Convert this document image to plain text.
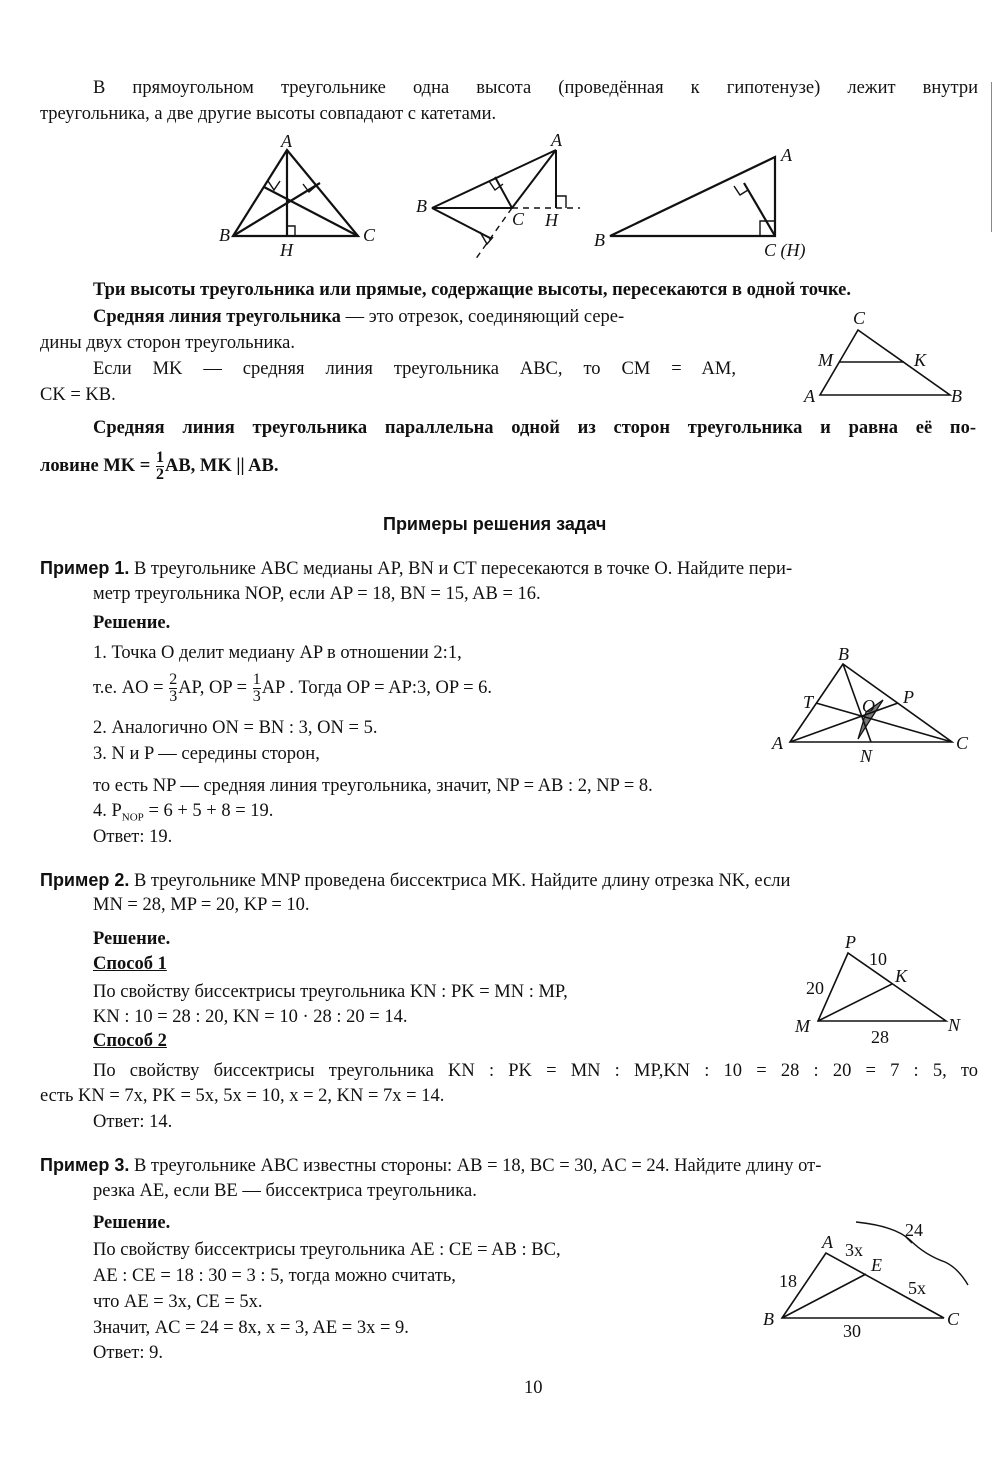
В прямоугольном треугольнике одна высота (проведённая к гипотенузе) лежит внутри
треугольника, а две другие высоты совпадают с катетами.
A
B	C
H
A
B
C H
A
B	C (H)
Три высоты треугольника или прямые, содержащие высоты, пересекаются в одной точке.
Средняя линия треугольника — это отрезок, соединяющий сере-
дины двух сторон треугольника.
Если MK — средняя линия треугольника ABC, то CM = AM,
CK = KB.
C
M	K
A	B
Средняя линия треугольника параллельна одной из сторон треугольника и равна её по-
ловине MK = $\frac{1}{2}$ AB, MK || AB.
Примеры решения задач
Пример 1. В треугольнике ABC медианы AP, BN и CT пересекаются в точке O. Найдите пери-
метр треугольника NOP, если AP = 18, BN = 15, AB = 16.
Решение.
1. Точка O делит медиану AP в отношении 2:1,
т.е. AO = $\frac{2}{3}$ AP, OP = $\frac{1}{3}$ AP . Тогда OP = AP:3, OP = 6.
2. Аналогично ON = BN : 3, ON = 5.
3. N и P — середины сторон,
то есть NP — средняя линия треугольника, значит, NP = AB : 2, NP = 8.
4. $P_{NOP} = 6 + 5 + 8 = 19$.
Ответ: 19.
B
T	O P
A
N
C
Пример 2. В треугольнике MNP проведена биссектриса MK. Найдите длину отрезка NK, если
MN = 28, MP = 20, KP = 10.
Решение.
Способ 1
По свойству биссектрисы треугольника KN : PK = MN : MP,
KN : 10 = 28 : 20, KN = 10 · 28 : 20 = 14.
Способ 2
По свойству биссектрисы треугольника KN : PK = MN : MP,KN : 10 = 28 : 20 = 7 : 5, то
есть KN = 7x, PK = 5x, 5x = 10, x = 2, KN = 7x = 14.
Ответ: 14.
P
10
K
20
M
28
N
Пример 3. В треугольнике ABC известны стороны: AB = 18, BC = 30, AC = 24. Найдите длину от-
резка AE, если BE — биссектриса треугольника.
Решение.
По свойству биссектрисы треугольника AE : CE = AB : BC,
AE : CE = 18 : 30 = 3 : 5, тогда можно считать,
что AE = 3x, CE = 5x.
Значит, AC = 24 = 8x, x = 3, AE = 3x = 9.
Ответ: 9.
24
A 3x
E
18	5x
B	C
30
10
